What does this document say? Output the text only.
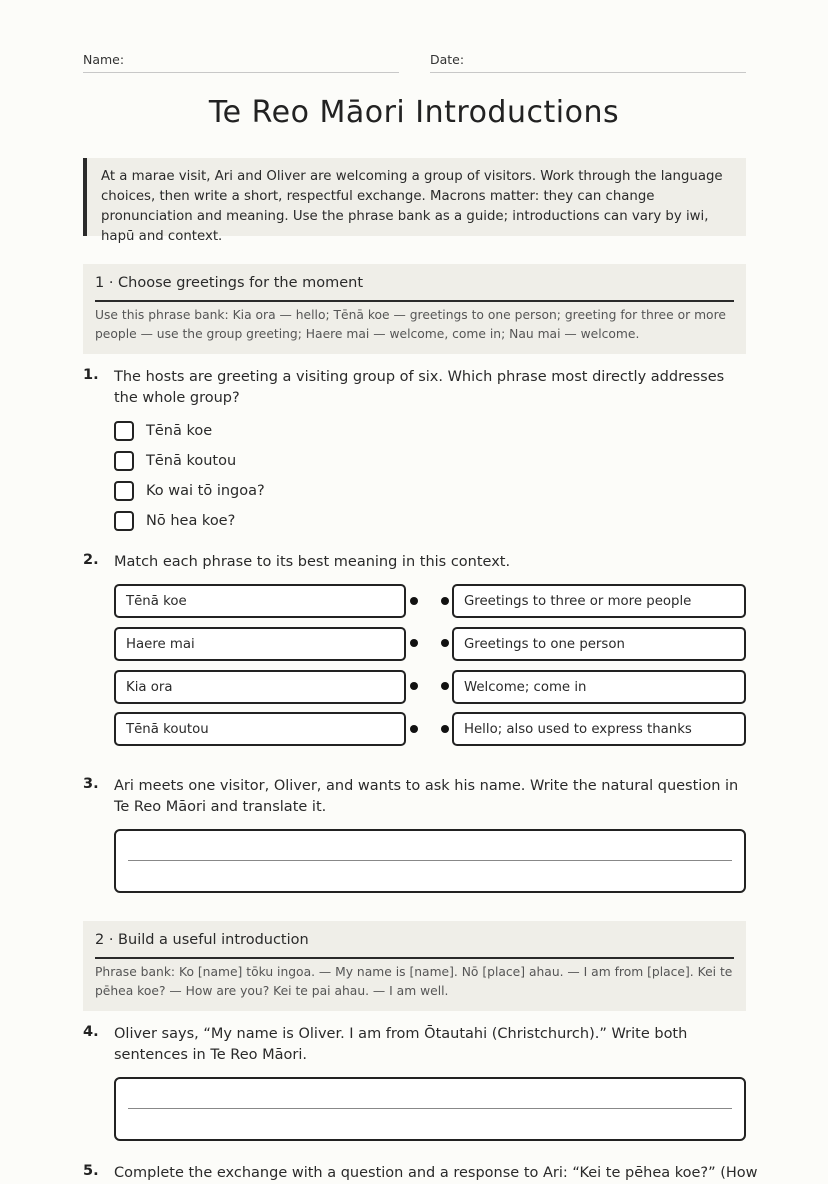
Name:	Date:
Te Reo Māori Introductions
At a marae visit, Ari and Oliver are welcoming a group of visitors. Work through the language choices, then write a short, respectful exchange. Macrons matter: they can change pronunciation and meaning. Use the phrase bank as a guide; introductions can vary by iwi, hapū and context.
1 · Choose greetings for the moment
Use this phrase bank: Kia ora — hello; Tēnā koe — greetings to one person; greeting for three or more people — use the group greeting; Haere mai — welcome, come in; Nau mai — welcome.
1. The hosts are greeting a visiting group of six. Which phrase most directly addresses the whole group?
Tēnā koe
Tēnā koutou
Ko wai tō ingoa?
Nō hea koe?
2. Match each phrase to its best meaning in this context.
Tēnā koe
Haere mai
Kia ora
Tēnā koutou
Greetings to three or more people
Greetings to one person
Welcome; come in
Hello; also used to express thanks
3. Ari meets one visitor, Oliver, and wants to ask his name. Write the natural question in Te Reo Māori and translate it.
2 · Build a useful introduction
Phrase bank: Ko [name] tōku ingoa. — My name is [name]. Nō [place] ahau. — I am from [place]. Kei te pēhea koe? — How are you? Kei te pai ahau. — I am well.
4. Oliver says, “My name is Oliver. I am from Ōtautahi (Christchurch).” Write both sentences in Te Reo Māori.
5. Complete the exchange with a question and a response to Ari: “Kei te pēhea koe?” (How
